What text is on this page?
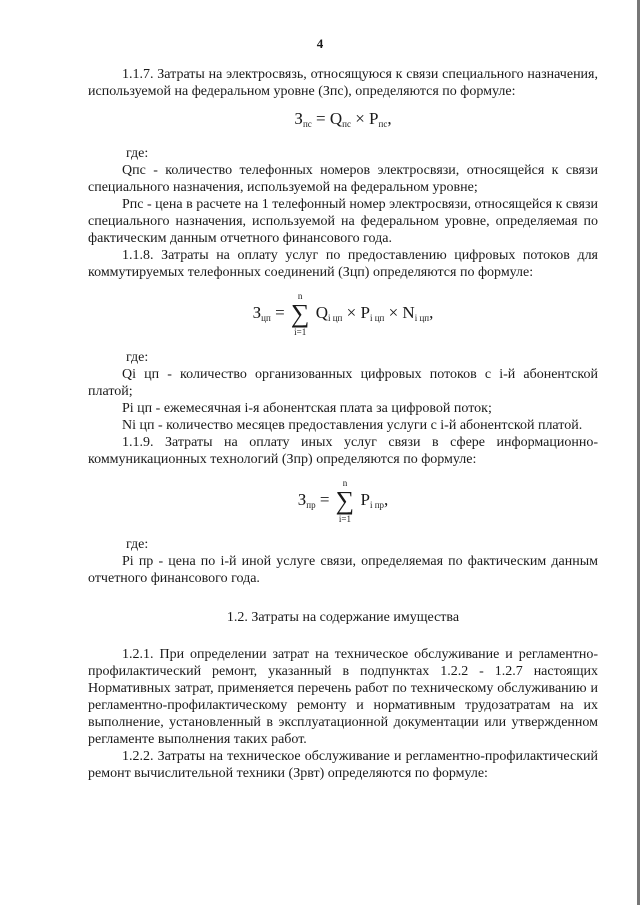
4

1.1.7. Затраты на электросвязь, относящуюся к связи специального назначения, используемой на федеральном уровне (Зпс), определяются по формуле:

$З_{пс} = Q_{пс} \times P_{пс}$,

где:

Qпс - количество телефонных номеров электросвязи, относящейся к связи специального назначения, используемой на федеральном уровне;

Pпс - цена в расчете на 1 телефонный номер электросвязи, относящейся к связи специального назначения, используемой на федеральном уровне, определяемая по фактическим данным отчетного финансового года.

1.1.8. Затраты на оплату услуг по предоставлению цифровых потоков для коммутируемых телефонных соединений (Зцп) определяются по формуле:

$З_{цп}$ =
n
∑
i=1
$Q_{i цп} \times P_{i цп} \times N_{i цп}$,

где:

Qi цп - количество организованных цифровых потоков с i-й абонентской платой;

Pi цп - ежемесячная i-я абонентская плата за цифровой поток;

Ni цп - количество месяцев предоставления услуги с i-й абонентской платой.

1.1.9. Затраты на оплату иных услуг связи в сфере информационно-коммуникационных технологий (Зпр) определяются по формуле:

$З_{пр}$ =
n
∑
i=1
$P_{i пр}$,

где:

Pi пр - цена по i-й иной услуге связи, определяемая по фактическим данным отчетного финансового года.

1.2. Затраты на содержание имущества

1.2.1. При определении затрат на техническое обслуживание и регламентно-профилактический ремонт, указанный в подпунктах 1.2.2 - 1.2.7 настоящих Нормативных затрат, применяется перечень работ по техническому обслуживанию и регламентно-профилактическому ремонту и нормативным трудозатратам на их выполнение, установленный в эксплуатационной документации или утвержденном регламенте выполнения таких работ.

1.2.2. Затраты на техническое обслуживание и регламентно-профилактический ремонт вычислительной техники (Зрвт) определяются по формуле:
